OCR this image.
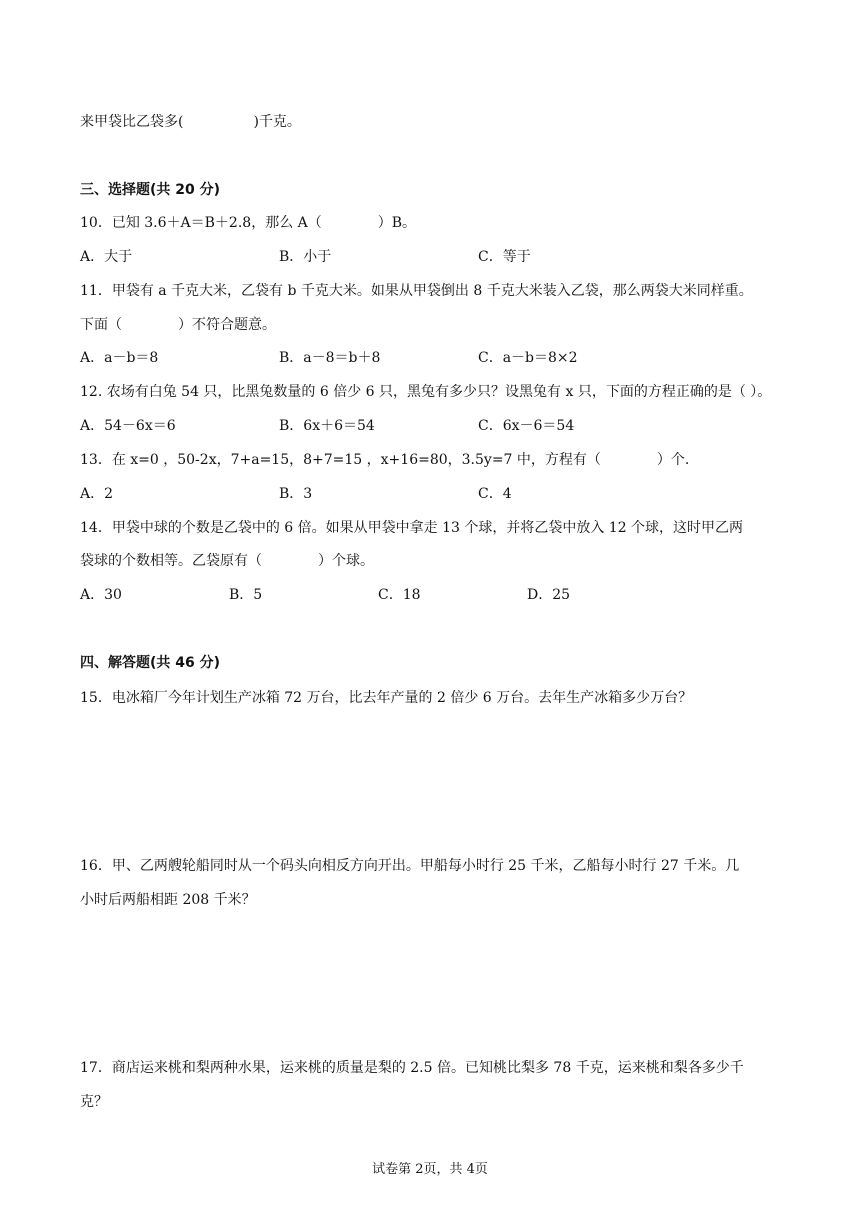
来甲袋比乙袋多(　　　　　)千克。
三、选择题(共 20 分)
10．已知 3.6＋A＝B＋2.8，那么 A（　　　　）B。
A．大于	B．小于	C．等于
11．甲袋有 a 千克大米，乙袋有 b 千克大米。如果从甲袋倒出 8 千克大米装入乙袋，那么两袋大米同样重。
下面（　　　　）不符合题意。
A．a－b＝8	B．a－8＝b＋8	C．a－b＝8×2
12. 农场有白兔 54 只，比黑兔数量的 6 倍少 6 只，黑兔有多少只？设黑兔有 x 只，下面的方程正确的是（ ）。
A．54－6x＝6	B．6x＋6＝54	C．6x－6＝54
13．在 x=0 ，50-2x，7+a=15，8+7=15 ，x+16=80，3.5y=7 中，方程有（　　　　）个.
A．2	B．3	C．4
14．甲袋中球的个数是乙袋中的 6 倍。如果从甲袋中拿走 13 个球，并将乙袋中放入 12 个球，这时甲乙两
袋球的个数相等。乙袋原有（　　　　）个球。
A．30	B．5	C．18	D．25
四、解答题(共 46 分)
15．电冰箱厂今年计划生产冰箱 72 万台，比去年产量的 2 倍少 6 万台。去年生产冰箱多少万台？
16．甲、乙两艘轮船同时从一个码头向相反方向开出。甲船每小时行 25 千米，乙船每小时行 27 千米。几
小时后两船相距 208 千米？
17．商店运来桃和梨两种水果，运来桃的质量是梨的 2.5 倍。已知桃比梨多 78 千克，运来桃和梨各多少千
克？
试卷第 2页，共 4页
